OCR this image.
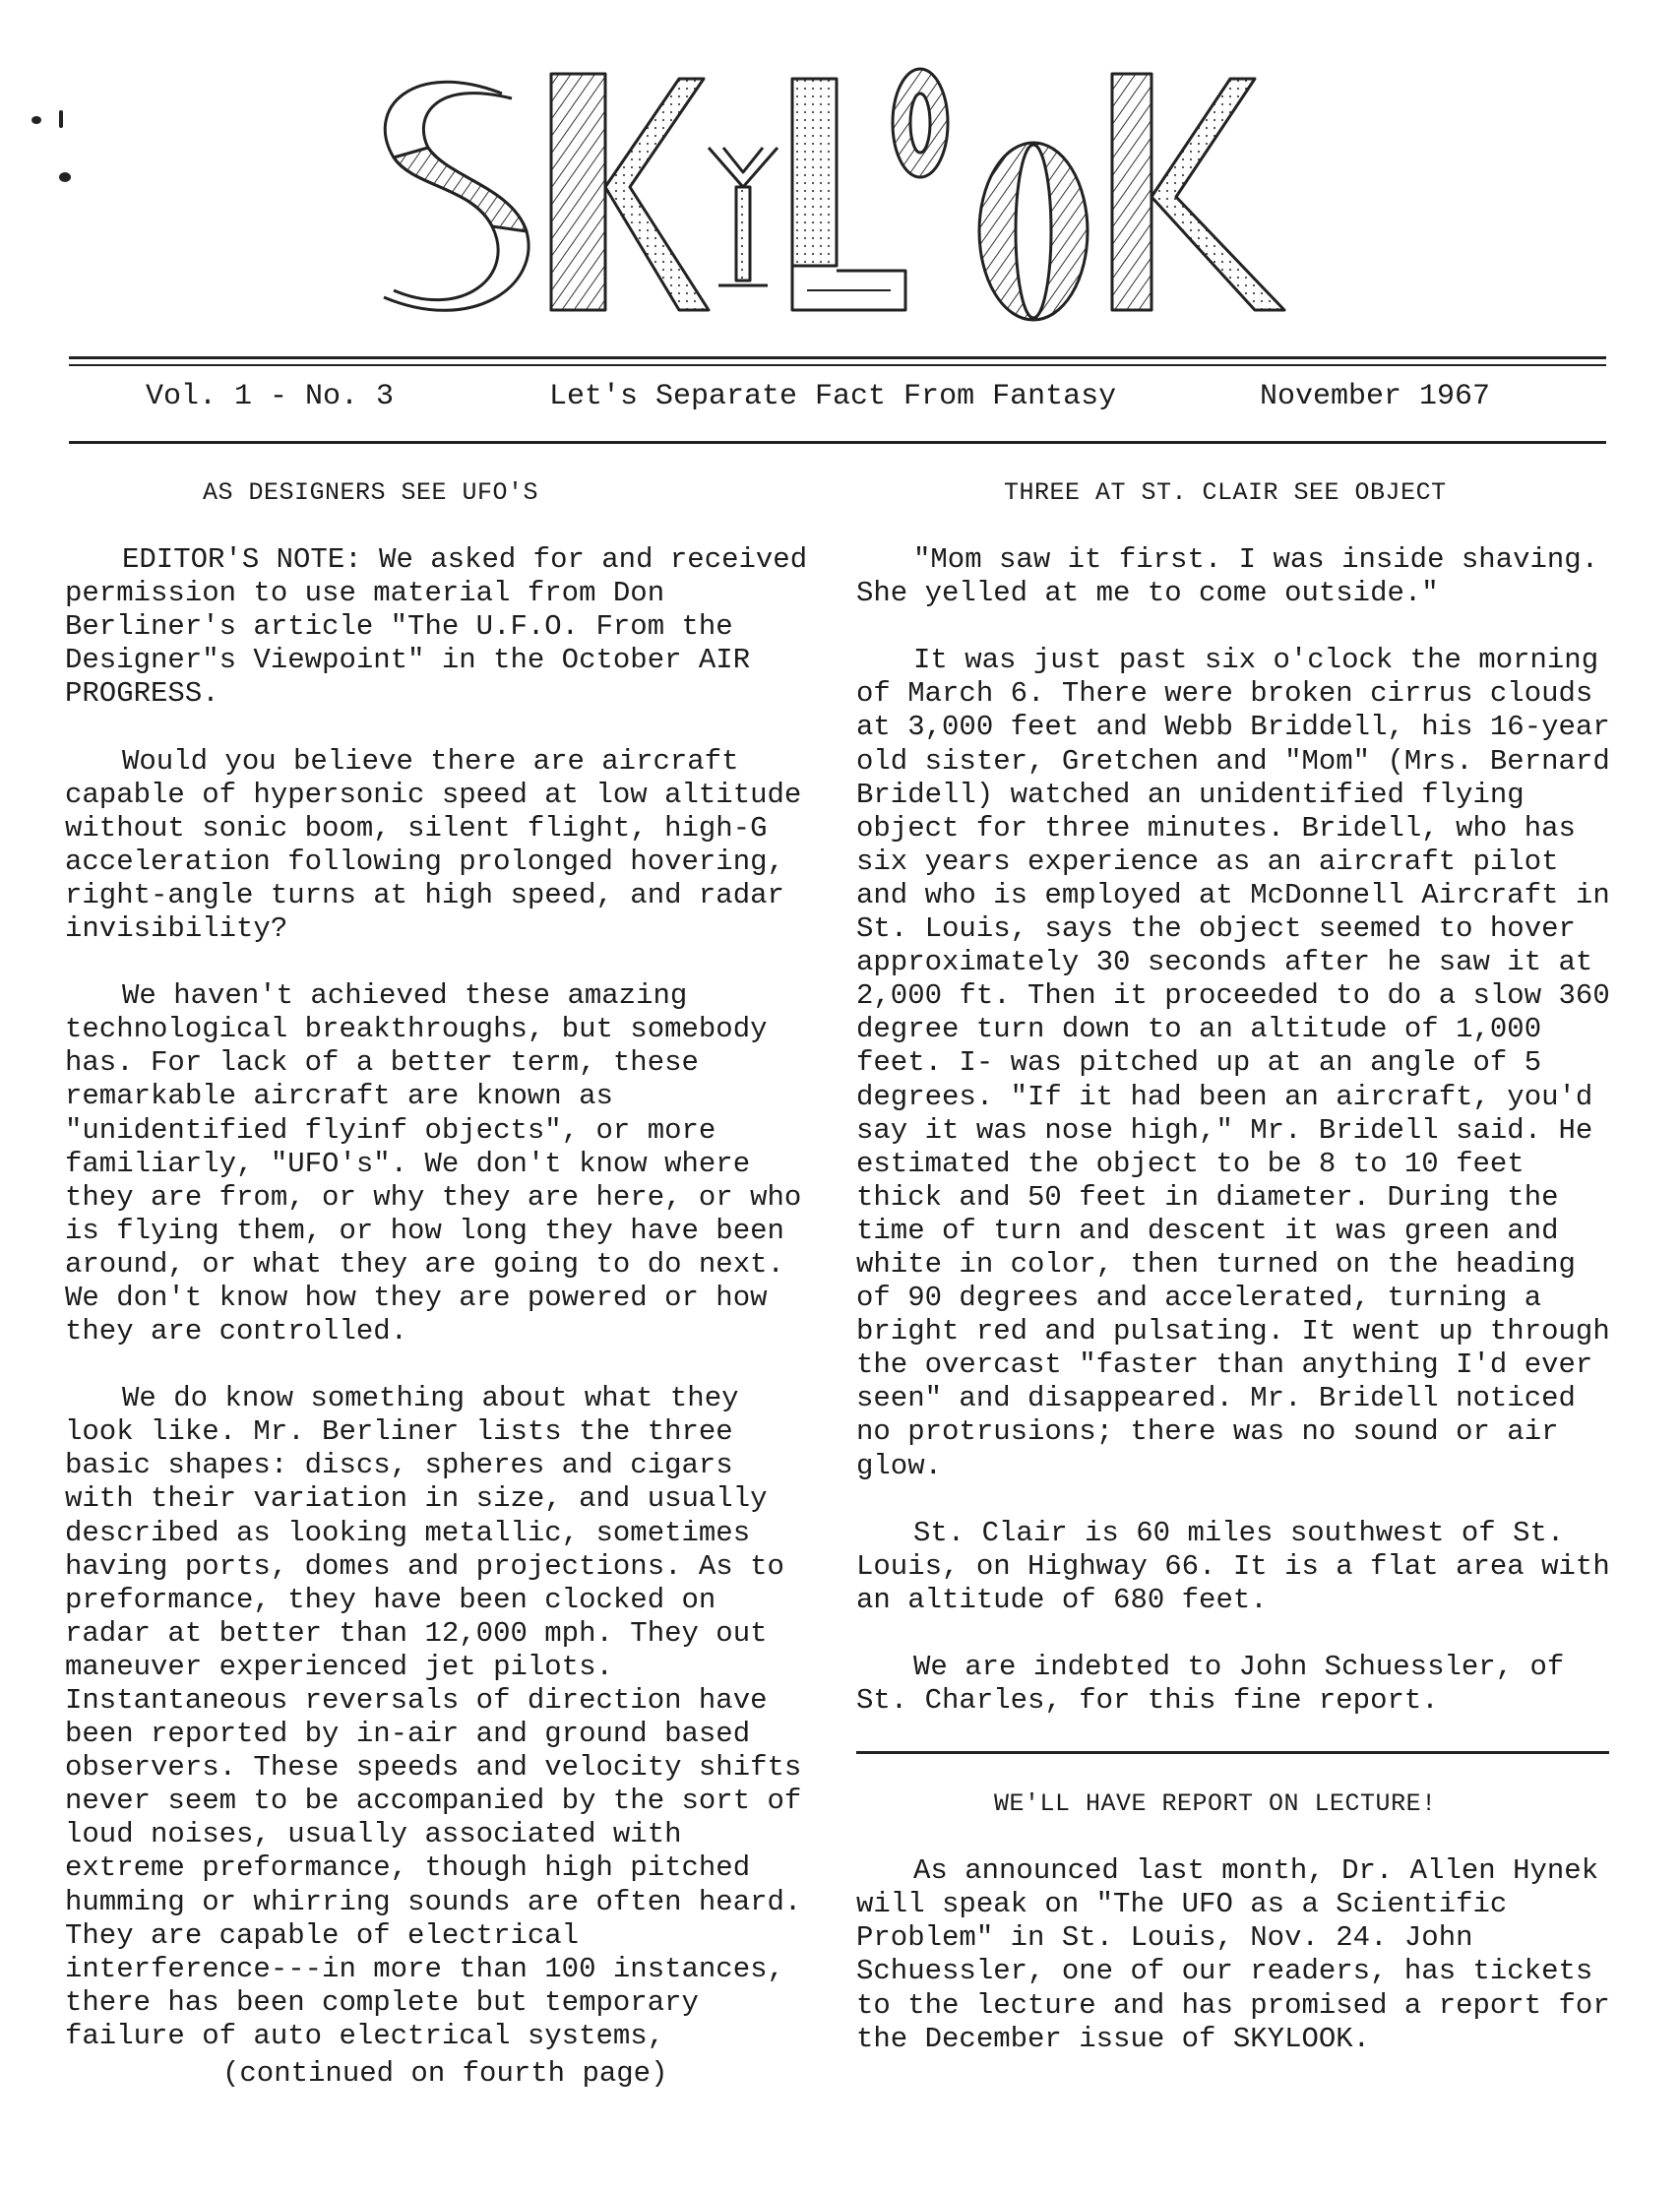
Vol. 1 - No. 3	Let's Separate Fact From Fantasy	November 1967
AS DESIGNERS SEE UFO'S

EDITOR'S NOTE: We asked for and received permission to use material from Don Berliner's article "The U.F.O. From the Designer"s Viewpoint" in the October AIR PROGRESS.

Would you believe there are aircraft capable of hypersonic speed at low altitude without sonic boom, silent flight, high-G acceleration following prolonged hovering, right-angle turns at high speed, and radar invisibility?

We haven't achieved these amazing technological breakthroughs, but somebody has. For lack of a better term, these remarkable aircraft are known as "unidentified flyinf objects", or more familiarly, "UFO's". We don't know where they are from, or why they are here, or who is flying them, or how long they have been around, or what they are going to do next. We don't know how they are powered or how they are controlled.

We do know something about what they look like. Mr. Berliner lists the three basic shapes: discs, spheres and cigars with their variation in size, and usually described as looking metallic, sometimes having ports, domes and projections. As to preformance, they have been clocked on radar at better than 12,000 mph. They out maneuver experienced jet pilots. Instantaneous reversals of direction have been reported by in-air and ground based observers. These speeds and velocity shifts never seem to be accompanied by the sort of loud noises, usually associated with extreme preformance, though high pitched humming or whirring sounds are often heard. They are capable of electrical interference---in more than 100 instances, there has been complete but temporary failure of auto electrical systems,

(continued on fourth page)

THREE AT ST. CLAIR SEE OBJECT

"Mom saw it first. I was inside shaving. She yelled at me to come outside."

It was just past six o'clock the morning of March 6. There were broken cirrus clouds at 3,000 feet and Webb Briddell, his 16-year old sister, Gretchen and "Mom" (Mrs. Bernard Bridell) watched an unidentified flying object for three minutes. Bridell, who has six years experience as an aircraft pilot and who is employed at McDonnell Aircraft in St. Louis, says the object seemed to hover approximately 30 seconds after he saw it at 2,000 ft. Then it proceeded to do a slow 360 degree turn down to an altitude of 1,000 feet. I- was pitched up at an angle of 5 degrees. "If it had been an aircraft, you'd say it was nose high," Mr. Bridell said. He estimated the object to be 8 to 10 feet thick and 50 feet in diameter. During the time of turn and descent it was green and white in color, then turned on the heading of 90 degrees and accelerated, turning a bright red and pulsating. It went up through the overcast "faster than anything I'd ever seen" and disappeared. Mr. Bridell noticed no protrusions; there was no sound or air glow.

St. Clair is 60 miles southwest of St. Louis, on Highway 66. It is a flat area with an altitude of 680 feet.

We are indebted to John Schuessler, of St. Charles, for this fine report.

WE'LL HAVE REPORT ON LECTURE!

As announced last month, Dr. Allen Hynek will speak on "The UFO as a Scientific Problem" in St. Louis, Nov. 24. John Schuessler, one of our readers, has tickets to the lecture and has promised a report for the December issue of SKYLOOK.
